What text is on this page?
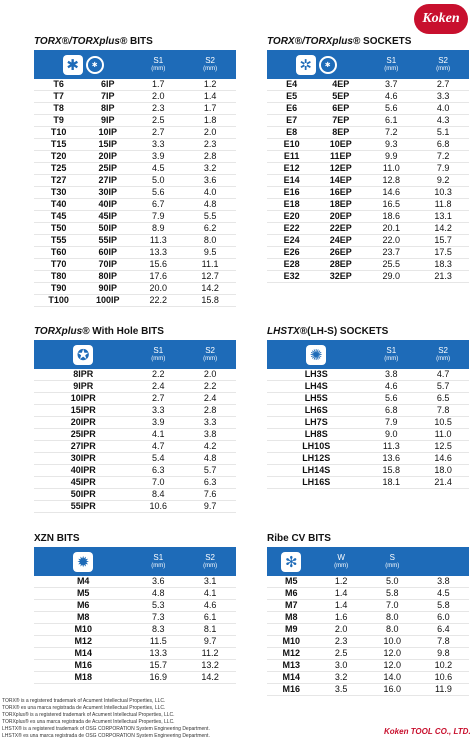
Koken
TORX®/TORXplus® BITS
✱	✱
S1
(mm)
S2
(mm)
T6	6IP	1.7	1.2
T7	7IP	2.0	1.4
T8	8IP	2.3	1.7
T9	9IP	2.5	1.8
T10	10IP	2.7	2.0
T15	15IP	3.3	2.3
T20	20IP	3.9	2.8
T25	25IP	4.5	3.2
T27	27IP	5.0	3.6
T30	30IP	5.6	4.0
T40	40IP	6.7	4.8
T45	45IP	7.9	5.5
T50	50IP	8.9	6.2
T55	55IP	11.3	8.0
T60	60IP	13.3	9.5
T70	70IP	15.6	11.1
T80	80IP	17.6	12.7
T90	90IP	20.0	14.2
T100	100IP	22.2	15.8
TORX®/TORXplus® SOCKETS
✲	✱
S1
(mm)
S2
(mm)
E4	4EP	3.7	2.7
E5	5EP	4.6	3.3
E6	6EP	5.6	4.0
E7	7EP	6.1	4.3
E8	8EP	7.2	5.1
E10	10EP	9.3	6.8
E11	11EP	9.9	7.2
E12	12EP	11.0	7.9
E14	14EP	12.8	9.2
E16	16EP	14.6	10.3
E18	18EP	16.5	11.8
E20	20EP	18.6	13.1
E22	22EP	20.1	14.2
E24	24EP	22.0	15.7
E26	26EP	23.7	17.5
E28	28EP	25.5	18.3
E32	32EP	29.0	21.3
TORXplus® With Hole BITS
✪	S1
(mm)
S2
(mm)
8IPR	2.2	2.0
9IPR	2.4	2.2
10IPR	2.7	2.4
15IPR	3.3	2.8
20IPR	3.9	3.3
25IPR	4.1	3.8
27IPR	4.7	4.2
30IPR	5.4	4.8
40IPR	6.3	5.7
45IPR	7.0	6.3
50IPR	8.4	7.6
55IPR	10.6	9.7
LHSTX®(LH-S) SOCKETS
✺	S1
(mm)
S2
(mm)
LH3S	3.8	4.7
LH4S	4.6	5.7
LH5S	5.6	6.5
LH6S	6.8	7.8
LH7S	7.9	10.5
LH8S	9.0	11.0
LH10S	11.3	12.5
LH12S	13.6	14.6
LH14S	15.8	18.0
LH16S	18.1	21.4
XZN BITS
✹	S1
(mm)
S2
(mm)
M4	3.6	3.1
M5	4.8	4.1
M6	5.3	4.6
M8	7.3	6.1
M10	8.3	8.1
M12	11.5	9.7
M14	13.3	11.2
M16	15.7	13.2
M18	16.9	14.2
Ribe CV BITS
✻	W
(mm)
S
(mm)
M5	1.2	5.0	3.8
M6	1.4	5.8	4.5
M7	1.4	7.0	5.8
M8	1.6	8.0	6.0
M9	2.0	8.0	6.4
M10	2.3	10.0	7.8
M12	2.5	12.0	9.8
M13	3.0	12.0	10.2
M14	3.2	14.0	10.6
M16	3.5	16.0	11.9
TORX® is a registered trademark of Acument Intellectual Properties, LLC.
TORX® es una marca registrada de Acument Intellectual Properties, LLC.
TORXplus® is a registered trademark of Acument Intellectual Properties, LLC.
TORXplus® es una marca registrada de Acument Intellectual Properties, LLC.
LHSTX® is a registered trademark of OSG CORPORATION System Engineering Department.
LHSTX® es una marca registrada de OSG CORPORATION System Engineering Department.	Koken TOOL CO., LTD.
